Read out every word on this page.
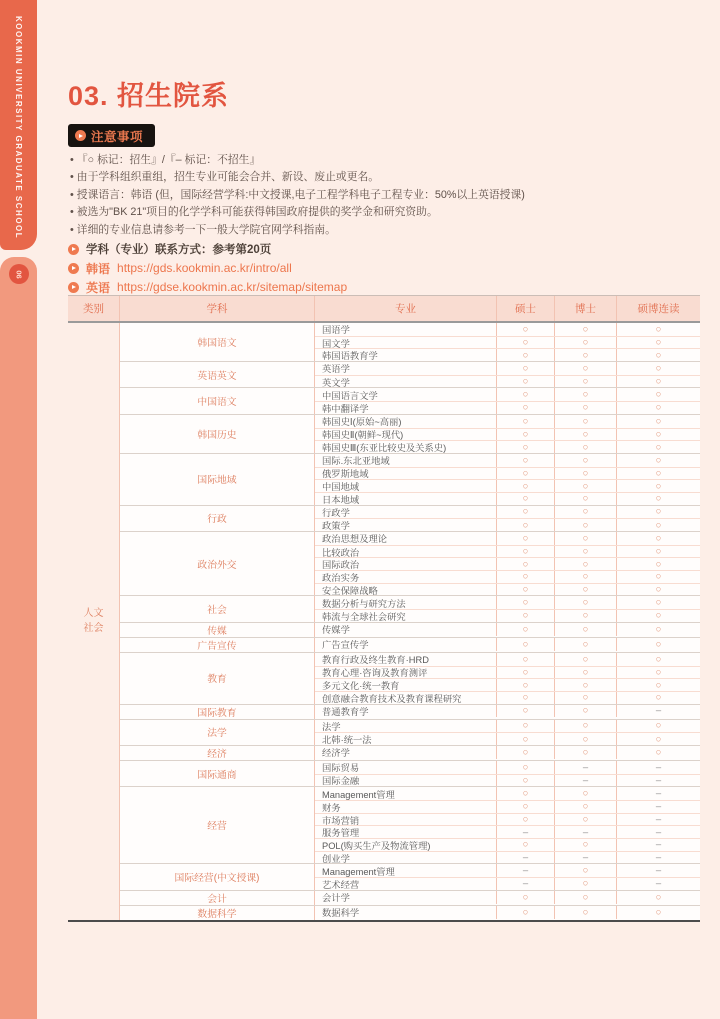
KOOKMIN UNIVERSITY GRADUATE SCHOOL
06
03. 招生院系
注意事项
• 『○ 标记：招生』/『– 标记：不招生』
• 由于学科组织重组，招生专业可能会合并、新设、废止或更名。
• 授课语言：韩语 (但，国际经营学科:中文授课,电子工程学科电子工程专业：50%以上英语授课)
• 被选为"BK 21"项目的化学学科可能获得韩国政府提供的奖学金和研究资助。
• 详细的专业信息请参考一下一般大学院官网学科指南。
学科（专业）联系方式：参考第20页
韩语 https://gds.kookmin.ac.kr/intro/all
英语 https://gdse.kookmin.ac.kr/sitemap/sitemap
类别	学科	专业	硕士	博士	硕博连读
人文
社会
韩国语文
国语学	○	○	○
国文学	○	○	○
韩国语教育学	○	○	○
英语英文
英语学	○	○	○
英文学	○	○	○
中国语文
中国语言文学	○	○	○
韩中翻译学	○	○	○
韩国历史
韩国史Ⅰ(原始~高丽)	○	○	○
韩国史Ⅱ(朝鲜~现代)	○	○	○
韩国史Ⅲ(东亚比较史及关系史)	○	○	○
国际地域
国际.东北亚地域	○	○	○
俄罗斯地域	○	○	○
中国地域	○	○	○
日本地域	○	○	○
行政
行政学	○	○	○
政策学	○	○	○
政治外交
政治思想及理论	○	○	○
比较政治	○	○	○
国际政治	○	○	○
政治实务	○	○	○
安全保障战略	○	○	○
社会
数据分析与研究方法	○	○	○
韩流与全球社会研究	○	○	○
传媒	传媒学	○	○	○
广告宣传	广告宣传学	○	○	○
教育
教育行政及终生教育·HRD	○	○	○
教育心理·咨询及教育测评	○	○	○
多元文化·统一教育	○	○	○
创意融合教育技术及教育课程研究	○	○	○
国际教育	普通教育学	○	○	–
法学
法学	○	○	○
北韩·统一法	○	○	○
经济	经济学	○	○	○
国际通商
国际贸易	○	–	–
国际金融	○	–	–
经营
Management管理	○	○	–
财务	○	○	–
市场营销	○	○	–
服务管理	–	–	–
POL(购买生产及物流管理)	○	○	–
创业学	–	–	–
国际经营(中文授课)
Management管理	–	○	–
艺术经营	–	○	–
会计	会计学	○	○	○
数据科学	数据科学	○	○	○
